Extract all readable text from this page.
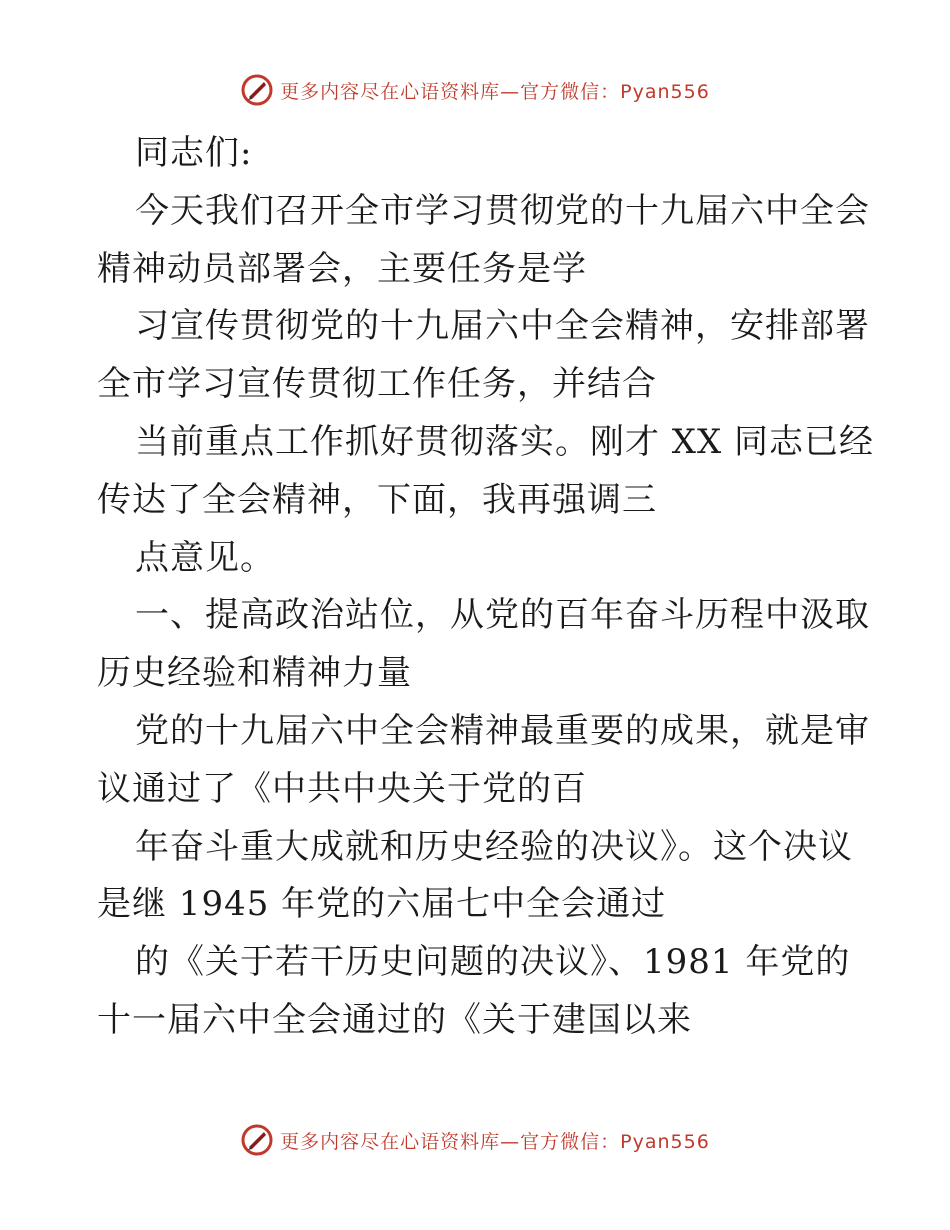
更多内容尽在心语资料库—官方微信：Pyan556
同志们:
今天我们召开全市学习贯彻党的十九届六中全会
精神动员部署会，主要任务是学
习宣传贯彻党的十九届六中全会精神，安排部署
全市学习宣传贯彻工作任务，并结合
当前重点工作抓好贯彻落实。刚才 XX 同志已经
传达了全会精神，下面，我再强调三
点意见。
一、提高政治站位，从党的百年奋斗历程中汲取
历史经验和精神力量
党的十九届六中全会精神最重要的成果，就是审
议通过了《中共中央关于党的百
年奋斗重大成就和历史经验的决议》。这个决议
是继 1945 年党的六届七中全会通过
的《关于若干历史问题的决议》、1981 年党的
十一届六中全会通过的《关于建国以来
更多内容尽在心语资料库—官方微信：Pyan556
